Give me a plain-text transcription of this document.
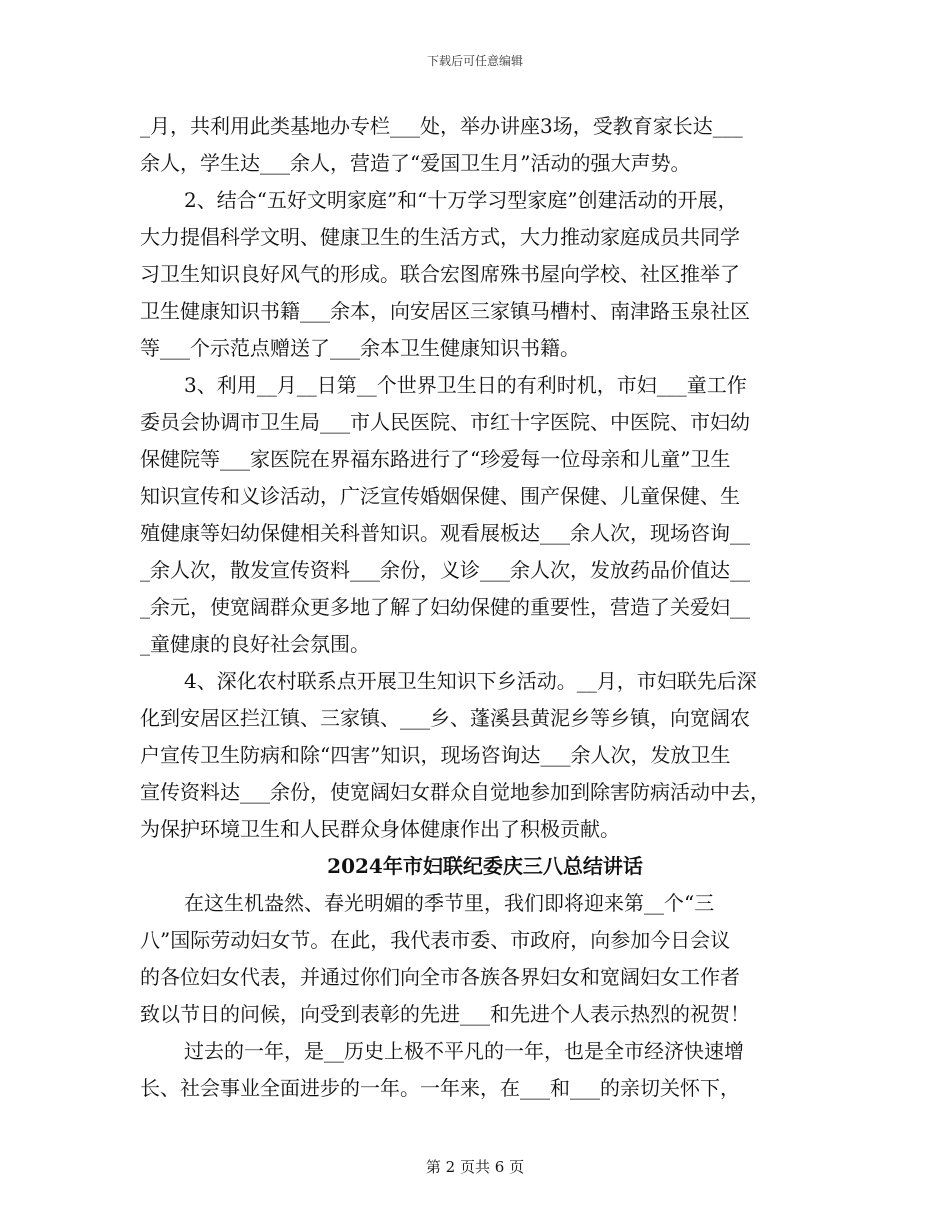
下载后可任意编辑
_月，共利用此类基地办专栏___处，举办讲座3场，受教育家长达___
余人，学生达___余人，营造了“爱国卫生月”活动的强大声势。
2、结合“五好文明家庭”和“十万学习型家庭”创建活动的开展，
大力提倡科学文明、健康卫生的生活方式，大力推动家庭成员共同学
习卫生知识良好风气的形成。联合宏图席殊书屋向学校、社区推举了
卫生健康知识书籍___余本，向安居区三家镇马槽村、南津路玉泉社区
等___个示范点赠送了___余本卫生健康知识书籍。
3、利用__月__日第__个世界卫生日的有利时机，市妇___童工作
委员会协调市卫生局___市人民医院、市红十字医院、中医院、市妇幼
保健院等___家医院在界福东路进行了“珍爱每一位母亲和儿童”卫生
知识宣传和义诊活动，广泛宣传婚姻保健、围产保健、儿童保健、生
殖健康等妇幼保健相关科普知识。观看展板达___余人次，现场咨询__
_余人次，散发宣传资料___余份，义诊___余人次，发放药品价值达__
_余元，使宽阔群众更多地了解了妇幼保健的重要性，营造了关爱妇__
_童健康的良好社会氛围。
4、深化农村联系点开展卫生知识下乡活动。__月，市妇联先后深
化到安居区拦江镇、三家镇、___乡、蓬溪县黄泥乡等乡镇，向宽阔农
户宣传卫生防病和除“四害”知识，现场咨询达___余人次，发放卫生
宣传资料达___余份，使宽阔妇女群众自觉地参加到除害防病活动中去，
为保护环境卫生和人民群众身体健康作出了积极贡献。
2024年市妇联纪委庆三八总结讲话
在这生机盎然、春光明媚的季节里，我们即将迎来第__个“三
八”国际劳动妇女节。在此，我代表市委、市政府，向参加今日会议
的各位妇女代表，并通过你们向全市各族各界妇女和宽阔妇女工作者
致以节日的问候，向受到表彰的先进___和先进个人表示热烈的祝贺！
过去的一年，是__历史上极不平凡的一年，也是全市经济快速增
长、社会事业全面进步的一年。一年来，在___和___的亲切关怀下，
第 2 页共 6 页
